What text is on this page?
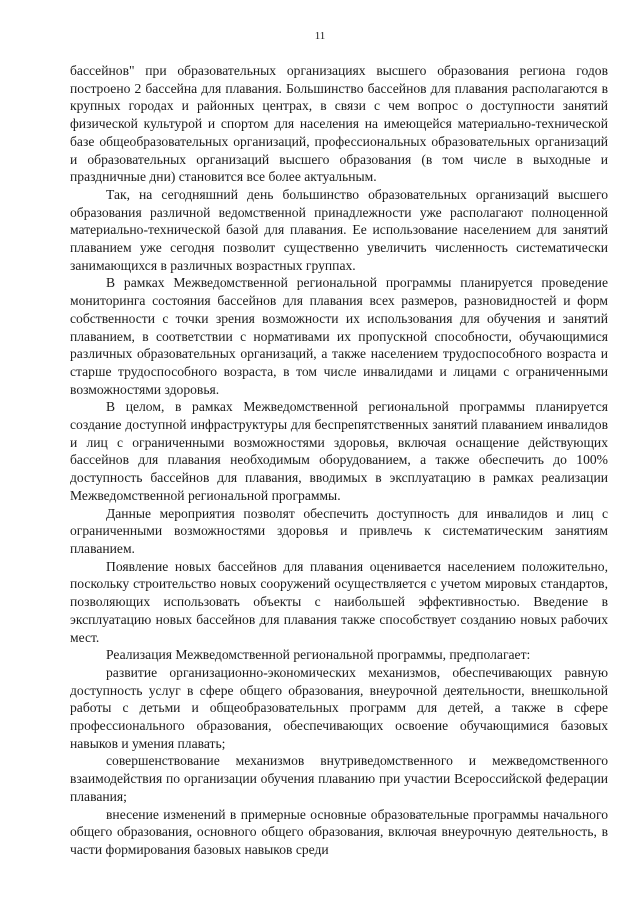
11

бассейнов" при образовательных организациях высшего образования региона годов построено 2 бассейна для плавания. Большинство бассейнов для плавания располагаются в крупных городах и районных центрах, в связи с чем вопрос о доступности занятий физической культурой и спортом для населения на имеющейся материально-технической базе общеобразовательных организаций, профессиональных образовательных организаций и образовательных организаций высшего образования (в том числе в выходные и праздничные дни) становится все более актуальным.

Так, на сегодняшний день большинство образовательных организаций высшего образования различной ведомственной принадлежности уже располагают полноценной материально-технической базой для плавания. Ее использование населением для занятий плаванием уже сегодня позволит существенно увеличить численность систематически занимающихся в различных возрастных группах.

В рамках Межведомственной региональной программы планируется проведение мониторинга состояния бассейнов для плавания всех размеров, разновидностей и форм собственности с точки зрения возможности их использования для обучения и занятий плаванием, в соответствии с нормативами их пропускной способности, обучающимися различных образовательных организаций, а также населением трудоспособного возраста и старше трудоспособного возраста, в том числе инвалидами и лицами с ограниченными возможностями здоровья.

В целом, в рамках Межведомственной региональной программы планируется создание доступной инфраструктуры для беспрепятственных занятий плаванием инвалидов и лиц с ограниченными возможностями здоровья, включая оснащение действующих бассейнов для плавания необходимым оборудованием, а также обеспечить до 100% доступность бассейнов для плавания, вводимых в эксплуатацию в рамках реализации Межведомственной региональной программы.

Данные мероприятия позволят обеспечить доступность для инвалидов и лиц с ограниченными возможностями здоровья и привлечь к систематическим занятиям плаванием.

Появление новых бассейнов для плавания оценивается населением положительно, поскольку строительство новых сооружений осуществляется с учетом мировых стандартов, позволяющих использовать объекты с наибольшей эффективностью. Введение в эксплуатацию новых бассейнов для плавания также способствует созданию новых рабочих мест.

Реализация Межведомственной региональной программы, предполагает:

развитие организационно-экономических механизмов, обеспечивающих равную доступность услуг в сфере общего образования, внеурочной деятельности, внешкольной работы с детьми и общеобразовательных программ для детей, а также в сфере профессионального образования, обеспечивающих освоение обучающимися базовых навыков и умения плавать;

совершенствование механизмов внутриведомственного и межведомственного взаимодействия по организации обучения плаванию при участии Всероссийской федерации плавания;

внесение изменений в примерные основные образовательные программы начального общего образования, основного общего образования, включая внеурочную деятельность, в части формирования базовых навыков среди
